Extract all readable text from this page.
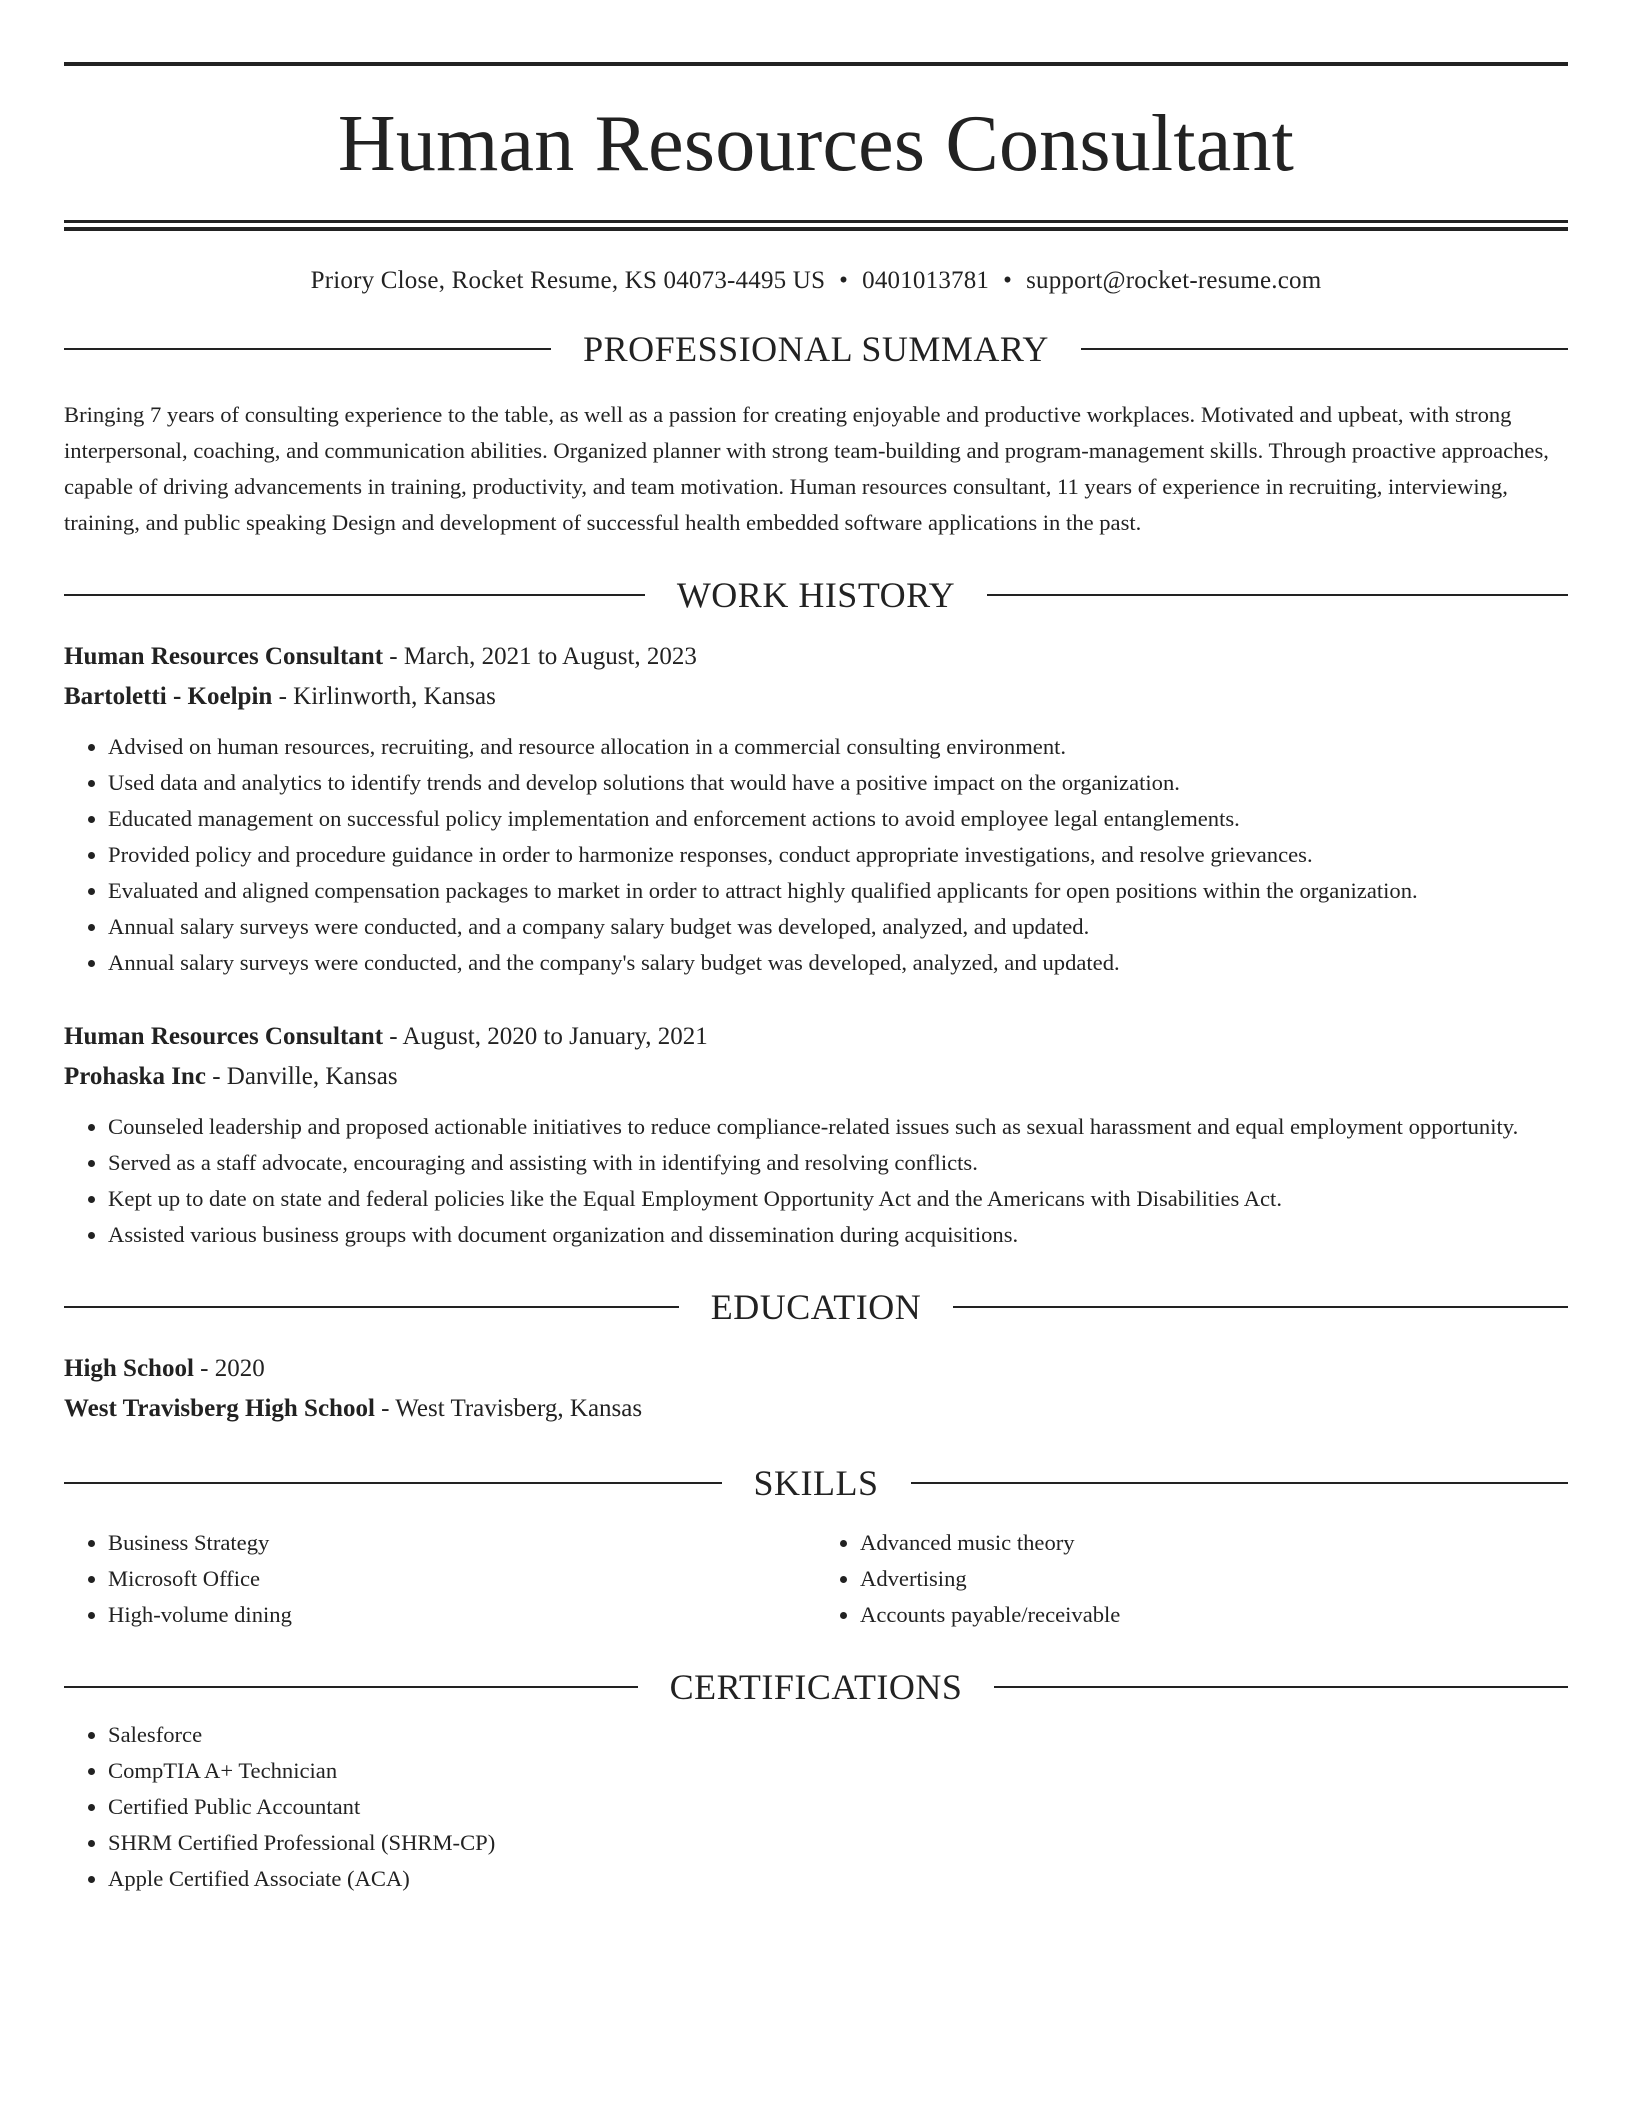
Human Resources Consultant
Priory Close, Rocket Resume, KS 04073-4495 US • 0401013781 • support@rocket-resume.com
PROFESSIONAL SUMMARY
Bringing 7 years of consulting experience to the table, as well as a passion for creating enjoyable and productive workplaces. Motivated and upbeat, with strong interpersonal, coaching, and communication abilities. Organized planner with strong team-building and program-management skills. Through proactive approaches, capable of driving advancements in training, productivity, and team motivation. Human resources consultant, 11 years of experience in recruiting, interviewing, training, and public speaking Design and development of successful health embedded software applications in the past.
WORK HISTORY
Human Resources Consultant - March, 2021 to August, 2023
Bartoletti - Koelpin - Kirlinworth, Kansas
• Advised on human resources, recruiting, and resource allocation in a commercial consulting environment.
• Used data and analytics to identify trends and develop solutions that would have a positive impact on the organization.
• Educated management on successful policy implementation and enforcement actions to avoid employee legal entanglements.
• Provided policy and procedure guidance in order to harmonize responses, conduct appropriate investigations, and resolve grievances.
• Evaluated and aligned compensation packages to market in order to attract highly qualified applicants for open positions within the organization.
• Annual salary surveys were conducted, and a company salary budget was developed, analyzed, and updated.
• Annual salary surveys were conducted, and the company's salary budget was developed, analyzed, and updated.
Human Resources Consultant - August, 2020 to January, 2021
Prohaska Inc - Danville, Kansas
• Counseled leadership and proposed actionable initiatives to reduce compliance-related issues such as sexual harassment and equal employment opportunity.
• Served as a staff advocate, encouraging and assisting with in identifying and resolving conflicts.
• Kept up to date on state and federal policies like the Equal Employment Opportunity Act and the Americans with Disabilities Act.
• Assisted various business groups with document organization and dissemination during acquisitions.
EDUCATION
High School - 2020
West Travisberg High School - West Travisberg, Kansas
SKILLS
• Business Strategy
• Microsoft Office
• High-volume dining
• Advanced music theory
• Advertising
• Accounts payable/receivable
CERTIFICATIONS
• Salesforce
• CompTIA A+ Technician
• Certified Public Accountant
• SHRM Certified Professional (SHRM-CP)
• Apple Certified Associate (ACA)
